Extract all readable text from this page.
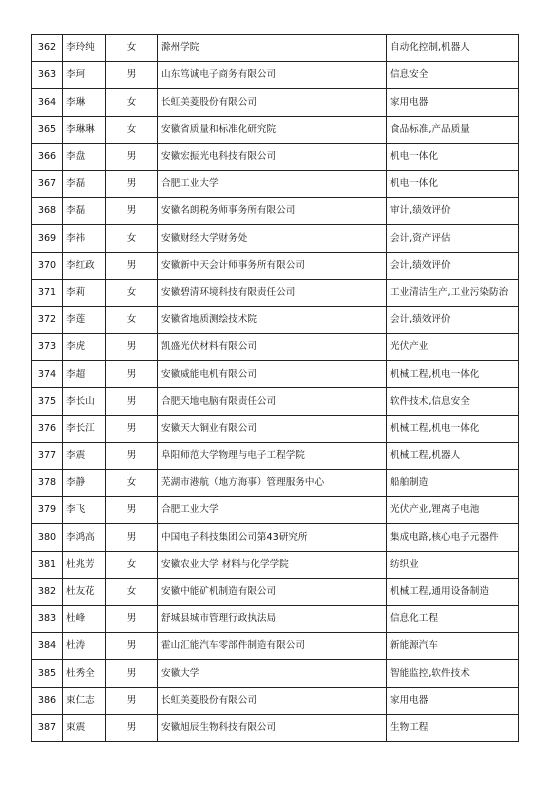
362	李玲纯	女	滁州学院	自动化控制,机器人
363	李珂	男	山东笃诚电子商务有限公司	信息安全
364	李琳	女	长虹美菱股份有限公司	家用电器
365	李琳琳	女	安徽省质量和标准化研究院	食品标准,产品质量
366	李盘	男	安徽宏振光电科技有限公司	机电一体化
367	李磊	男	合肥工业大学	机电一体化
368	李磊	男	安徽名朗税务师事务所有限公司	审计,绩效评价
369	李祎	女	安徽财经大学财务处	会计,资产评估
370	李红政	男	安徽新中天会计师事务所有限公司	会计,绩效评价
371	李莉	女	安徽碧清环境科技有限责任公司	工业清洁生产,工业污染防治
372	李莲	女	安徽省地质测绘技术院	会计,绩效评价
373	李虎	男	凯盛光伏材料有限公司	光伏产业
374	李超	男	安徽威能电机有限公司	机械工程,机电一体化
375	李长山	男	合肥天地电脑有限责任公司	软件技术,信息安全
376	李长江	男	安徽天大铜业有限公司	机械工程,机电一体化
377	李震	男	阜阳师范大学物理与电子工程学院	机械工程,机器人
378	李静	女	芜湖市港航（地方海事）管理服务中心	船舶制造
379	李飞	男	合肥工业大学	光伏产业,锂离子电池
380	李鸿高	男	中国电子科技集团公司第43研究所	集成电路,核心电子元器件
381	杜兆芳	女	安徽农业大学 材料与化学学院	纺织业
382	杜友花	女	安徽中能矿机制造有限公司	机械工程,通用设备制造
383	杜峰	男	舒城县城市管理行政执法局	信息化工程
384	杜涛	男	霍山汇能汽车零部件制造有限公司	新能源汽车
385	杜秀全	男	安徽大学	智能监控,软件技术
386	束仁志	男	长虹美菱股份有限公司	家用电器
387	束震	男	安徽旭辰生物科技有限公司	生物工程
